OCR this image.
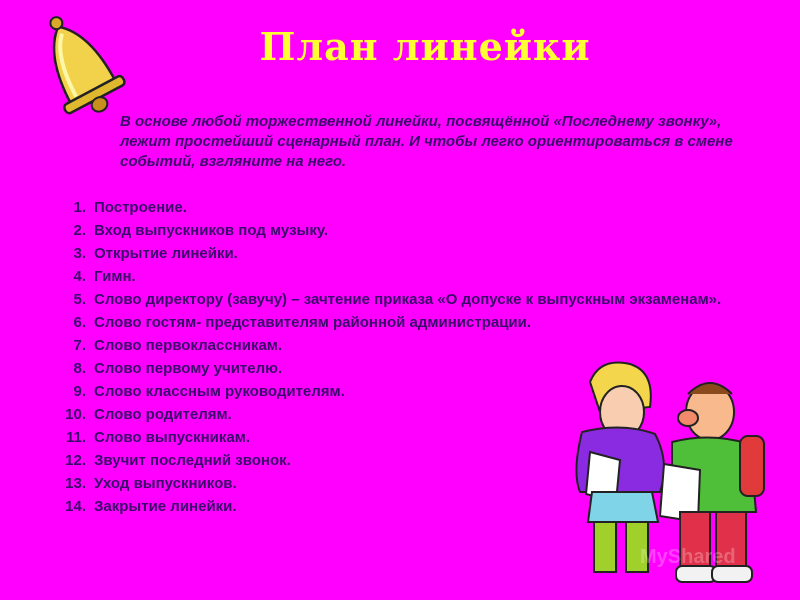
План линейки
В основе любой торжественной линейки, посвящённой «Последнему звонку», лежит простейший сценарный план. И чтобы легко ориентироваться в смене событий, взгляните на него.
1. Построение.
2. Вход выпускников под музыку.
3. Открытие линейки.
4. Гимн.
5. Слово директору (завучу) – зачтение приказа «О допуске к выпускным экзаменам».
6. Слово гостям- представителям районной администрации.
7. Слово первоклассникам.
8. Слово первому учителю.
9. Слово классным руководителям.
10. Слово родителям.
11. Слово выпускникам.
12. Звучит последний звонок.
13. Уход выпускников.
14. Закрытие линейки.
MyShared
